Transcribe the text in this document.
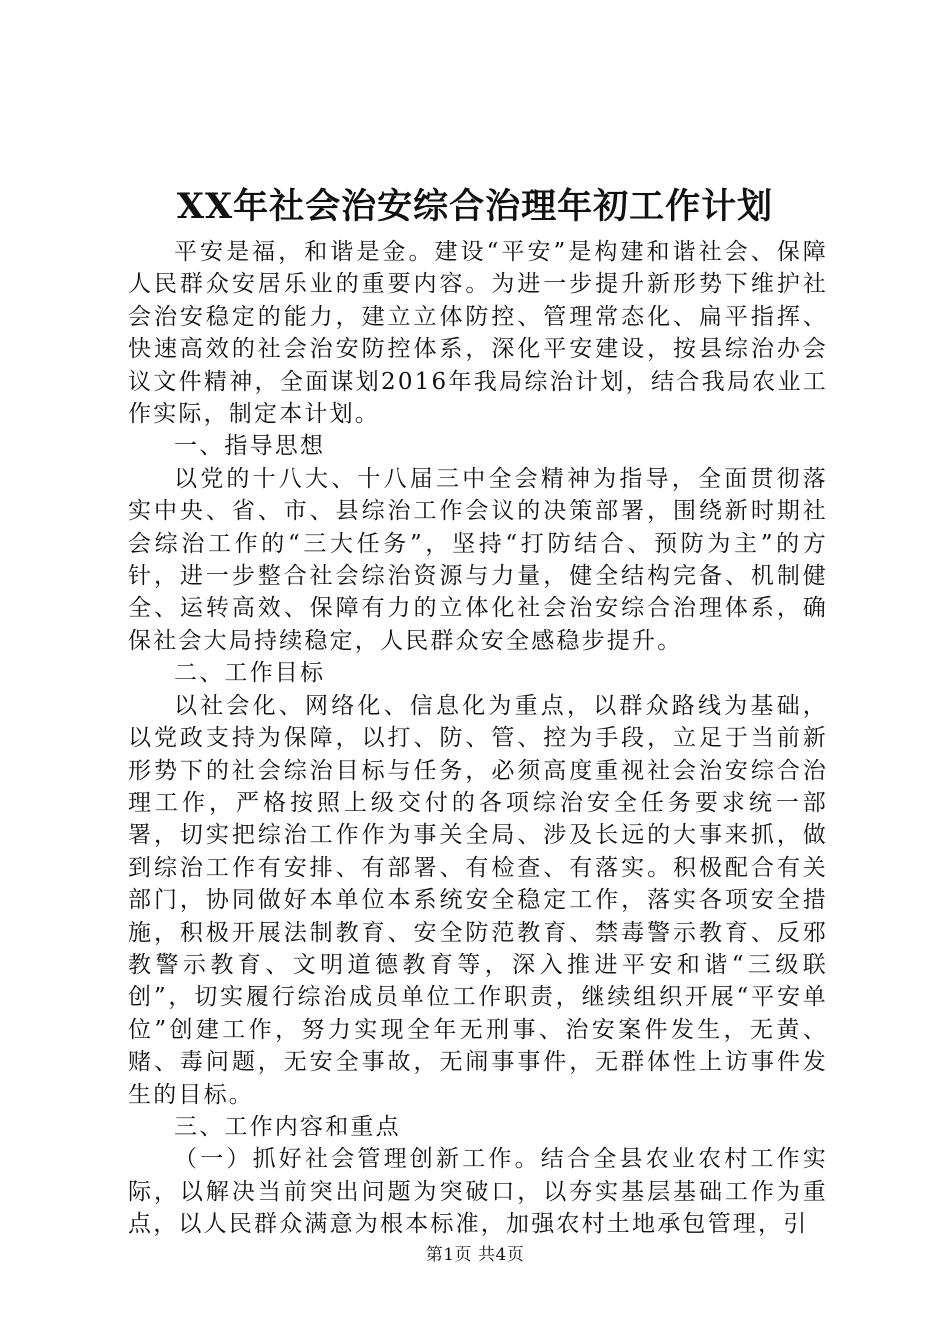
XX年社会治安综合治理年初工作计划

平安是福，和谐是金。建设“平安”是构建和谐社会、保障人民群众安居乐业的重要内容。为进一步提升新形势下维护社会治安稳定的能力，建立立体防控、管理常态化、扁平指挥、快速高效的社会治安防控体系，深化平安建设，按县综治办会议文件精神，全面谋划2016年我局综治计划，结合我局农业工作实际，制定本计划。

一、指导思想

以党的十八大、十八届三中全会精神为指导，全面贯彻落实中央、省、市、县综治工作会议的决策部署，围绕新时期社会综治工作的“三大任务”，坚持“打防结合、预防为主”的方针，进一步整合社会综治资源与力量，健全结构完备、机制健全、运转高效、保障有力的立体化社会治安综合治理体系，确保社会大局持续稳定，人民群众安全感稳步提升。

二、工作目标

以社会化、网络化、信息化为重点，以群众路线为基础，以党政支持为保障，以打、防、管、控为手段，立足于当前新形势下的社会综治目标与任务，必须高度重视社会治安综合治理工作，严格按照上级交付的各项综治安全任务要求统一部署，切实把综治工作作为事关全局、涉及长远的大事来抓，做到综治工作有安排、有部署、有检查、有落实。积极配合有关部门，协同做好本单位本系统安全稳定工作，落实各项安全措施，积极开展法制教育、安全防范教育、禁毒警示教育、反邪教警示教育、文明道德教育等，深入推进平安和谐“三级联创”，切实履行综治成员单位工作职责，继续组织开展“平安单位”创建工作，努力实现全年无刑事、治安案件发生，无黄、赌、毒问题，无安全事故，无闹事事件，无群体性上访事件发生的目标。

三、工作内容和重点

（一）抓好社会管理创新工作。结合全县农业农村工作实际，以解决当前突出问题为突破口，以夯实基层基础工作为重点，以人民群众满意为根本标准，加强农村土地承包管理，引

第1页 共4页
